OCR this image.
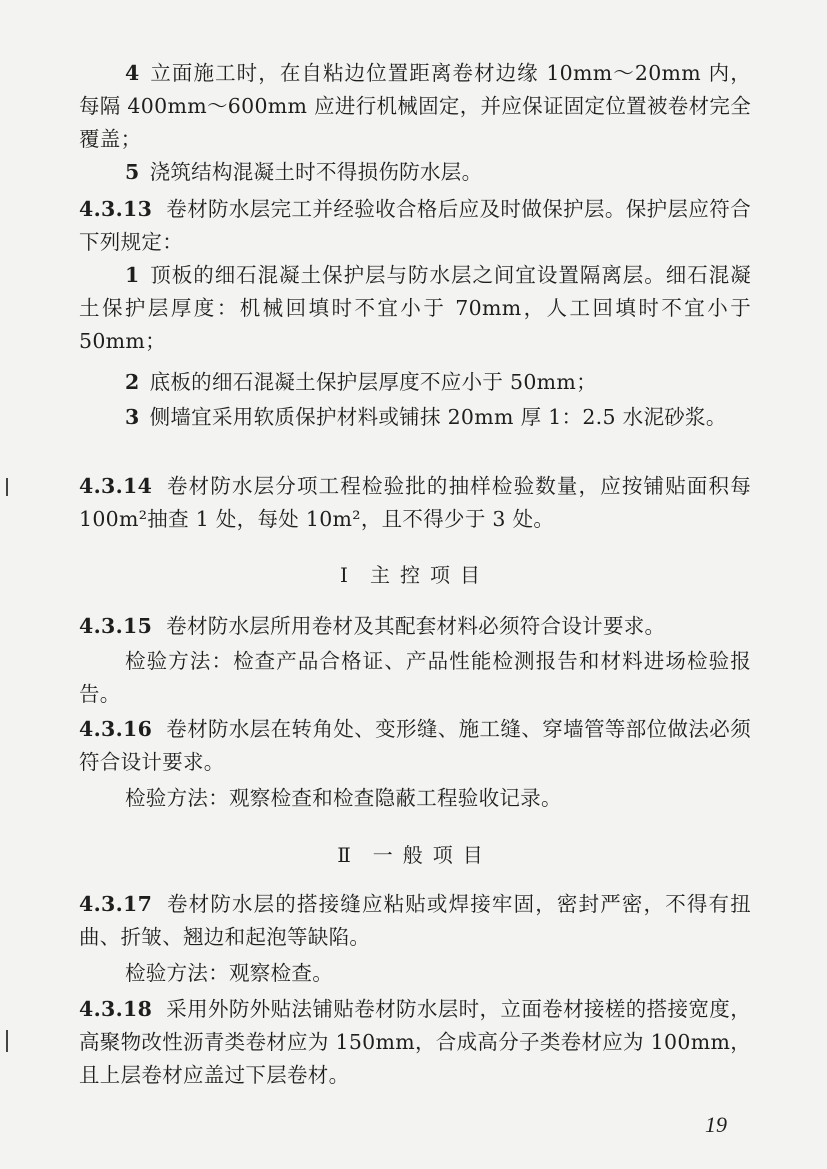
4 立面施工时，在自粘边位置距离卷材边缘 10mm～20mm 内，每隔 400mm～600mm 应进行机械固定，并应保证固定位置被卷材完全覆盖；
5 浇筑结构混凝土时不得损伤防水层。
4.3.13 卷材防水层完工并经验收合格后应及时做保护层。保护层应符合下列规定：
1 顶板的细石混凝土保护层与防水层之间宜设置隔离层。细石混凝土保护层厚度：机械回填时不宜小于 70mm，人工回填时不宜小于 50mm；
2 底板的细石混凝土保护层厚度不应小于 50mm；
3 侧墙宜采用软质保护材料或铺抹 20mm 厚 1：2.5 水泥砂浆。
4.3.14 卷材防水层分项工程检验批的抽样检验数量，应按铺贴面积每 100m²抽查 1 处，每处 10m²，且不得少于 3 处。
Ⅰ 主控项目
4.3.15 卷材防水层所用卷材及其配套材料必须符合设计要求。
检验方法：检查产品合格证、产品性能检测报告和材料进场检验报告。
4.3.16 卷材防水层在转角处、变形缝、施工缝、穿墙管等部位做法必须符合设计要求。
检验方法：观察检查和检查隐蔽工程验收记录。
Ⅱ 一般项目
4.3.17 卷材防水层的搭接缝应粘贴或焊接牢固，密封严密，不得有扭曲、折皱、翘边和起泡等缺陷。
检验方法：观察检查。
4.3.18 采用外防外贴法铺贴卷材防水层时，立面卷材接槎的搭接宽度，高聚物改性沥青类卷材应为 150mm，合成高分子类卷材应为 100mm，且上层卷材应盖过下层卷材。
19
